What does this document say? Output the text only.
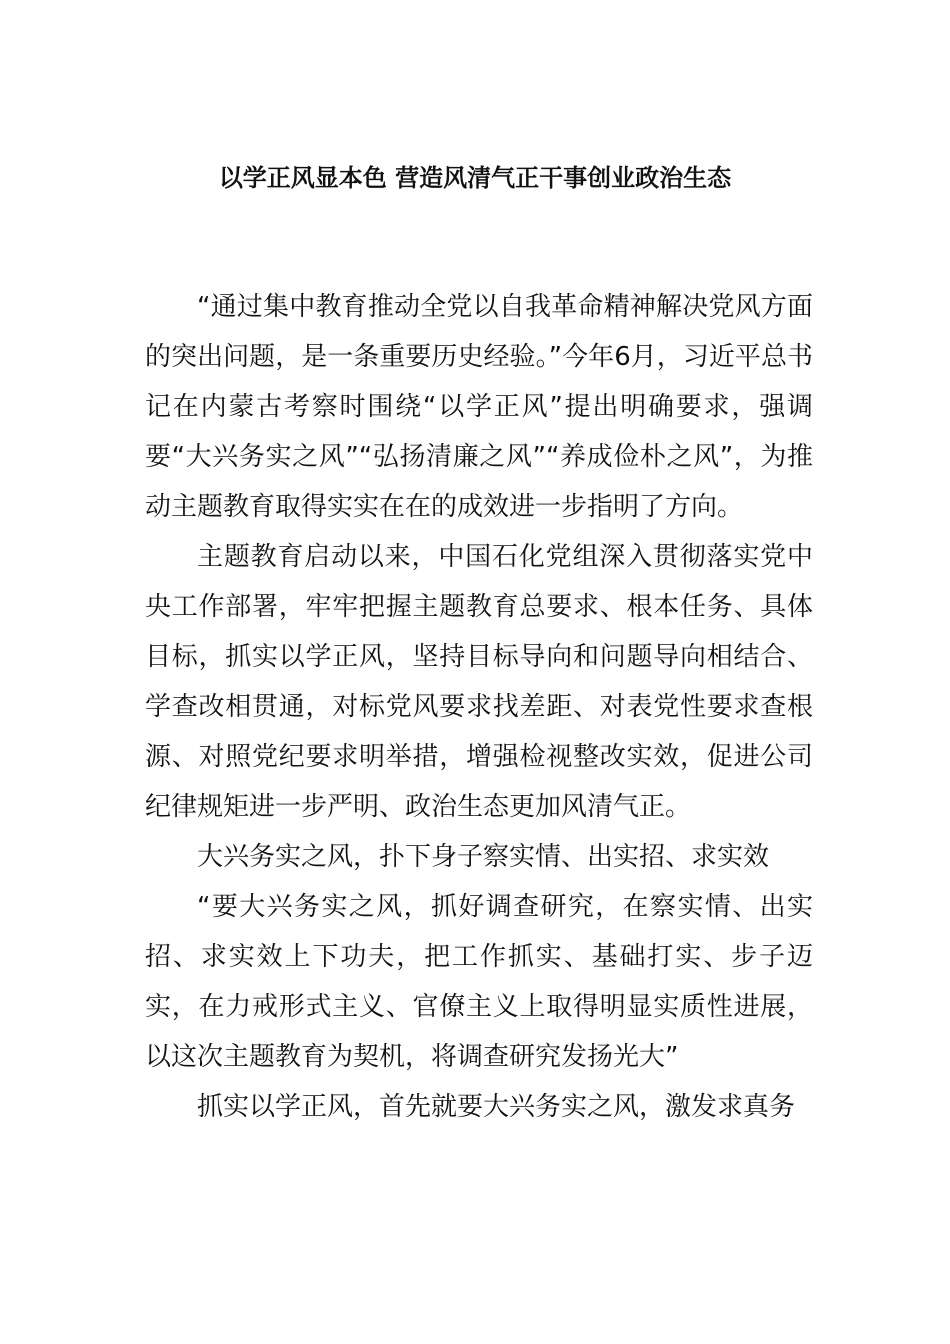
以学正风显本色 营造风清气正干事创业政治生态

“通过集中教育推动全党以自我革命精神解决党风方面的突出问题，是一条重要历史经验。”今年6月，习近平总书记在内蒙古考察时围绕“以学正风”提出明确要求，强调要“大兴务实之风”“弘扬清廉之风”“养成俭朴之风”，为推动主题教育取得实实在在的成效进一步指明了方向。

主题教育启动以来，中国石化党组深入贯彻落实党中央工作部署，牢牢把握主题教育总要求、根本任务、具体目标，抓实以学正风，坚持目标导向和问题导向相结合、学查改相贯通，对标党风要求找差距、对表党性要求查根源、对照党纪要求明举措，增强检视整改实效，促进公司纪律规矩进一步严明、政治生态更加风清气正。

大兴务实之风，扑下身子察实情、出实招、求实效

“要大兴务实之风，抓好调查研究，在察实情、出实招、求实效上下功夫，把工作抓实、基础打实、步子迈实，在力戒形式主义、官僚主义上取得明显实质性进展，以这次主题教育为契机，将调查研究发扬光大”

抓实以学正风，首先就要大兴务实之风，激发求真务
